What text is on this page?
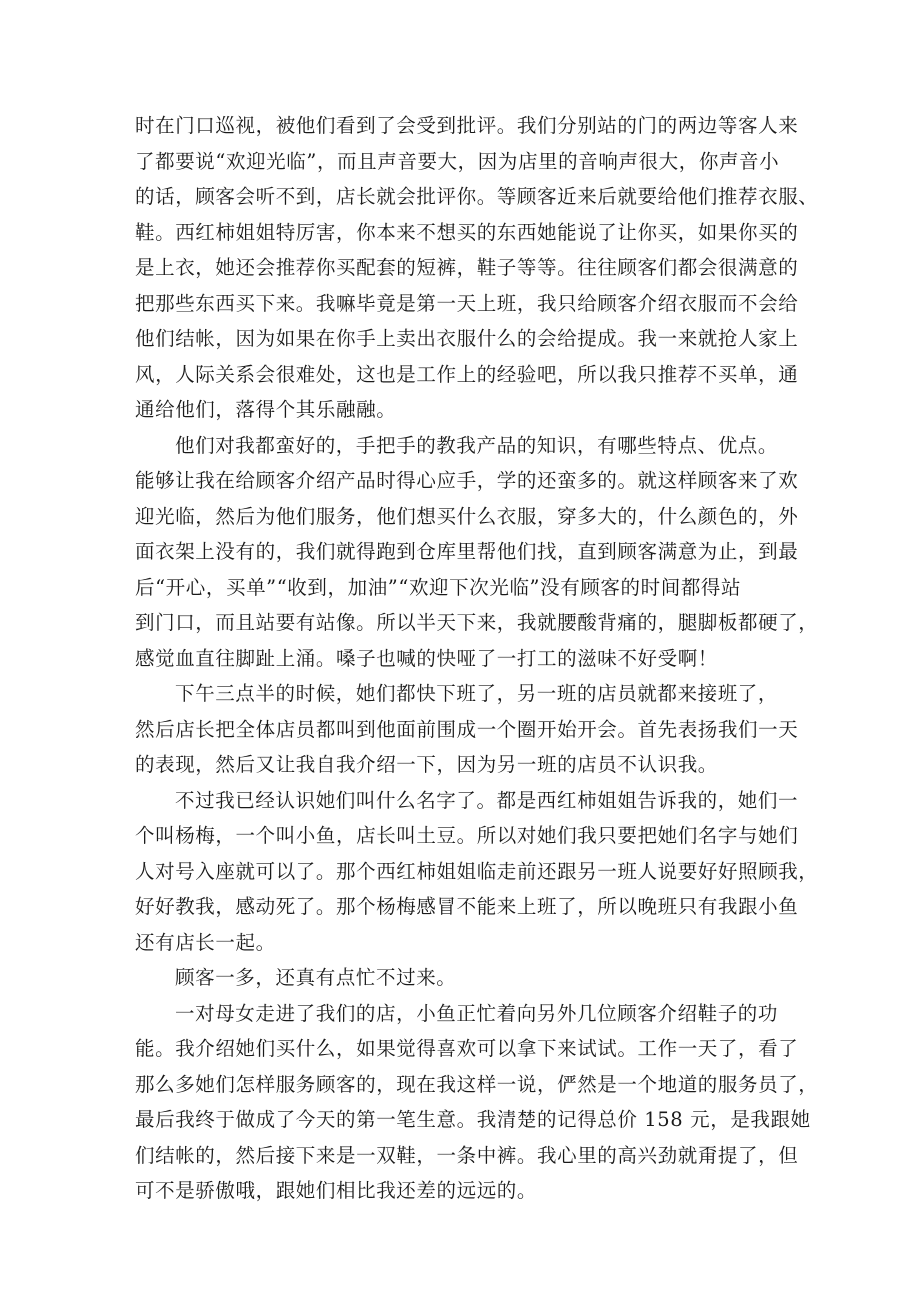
时在门口巡视，被他们看到了会受到批评。我们分别站的门的两边等客人来
了都要说“欢迎光临”，而且声音要大，因为店里的音响声很大，你声音小
的话，顾客会听不到，店长就会批评你。等顾客近来后就要给他们推荐衣服、
鞋。西红柿姐姐特厉害，你本来不想买的东西她能说了让你买，如果你买的
是上衣，她还会推荐你买配套的短裤，鞋子等等。往往顾客们都会很满意的
把那些东西买下来。我嘛毕竟是第一天上班，我只给顾客介绍衣服而不会给
他们结帐，因为如果在你手上卖出衣服什么的会给提成。我一来就抢人家上
风，人际关系会很难处，这也是工作上的经验吧，所以我只推荐不买单，通
通给他们，落得个其乐融融。
他们对我都蛮好的，手把手的教我产品的知识，有哪些特点、优点。
能够让我在给顾客介绍产品时得心应手，学的还蛮多的。就这样顾客来了欢
迎光临，然后为他们服务，他们想买什么衣服，穿多大的，什么颜色的，外
面衣架上没有的，我们就得跑到仓库里帮他们找，直到顾客满意为止，到最
后“开心，买单”“收到，加油”“欢迎下次光临”没有顾客的时间都得站
到门口，而且站要有站像。所以半天下来，我就腰酸背痛的，腿脚板都硬了，
感觉血直往脚趾上涌。嗓子也喊的快哑了一打工的滋味不好受啊！
下午三点半的时候，她们都快下班了，另一班的店员就都来接班了，
然后店长把全体店员都叫到他面前围成一个圈开始开会。首先表扬我们一天
的表现，然后又让我自我介绍一下，因为另一班的店员不认识我。
不过我已经认识她们叫什么名字了。都是西红柿姐姐告诉我的，她们一
个叫杨梅，一个叫小鱼，店长叫土豆。所以对她们我只要把她们名字与她们
人对号入座就可以了。那个西红柿姐姐临走前还跟另一班人说要好好照顾我，
好好教我，感动死了。那个杨梅感冒不能来上班了，所以晚班只有我跟小鱼
还有店长一起。
顾客一多，还真有点忙不过来。
一对母女走进了我们的店，小鱼正忙着向另外几位顾客介绍鞋子的功
能。我介绍她们买什么，如果觉得喜欢可以拿下来试试。工作一天了，看了
那么多她们怎样服务顾客的，现在我这样一说，俨然是一个地道的服务员了，
最后我终于做成了今天的第一笔生意。我清楚的记得总价 158 元，是我跟她
们结帐的，然后接下来是一双鞋，一条中裤。我心里的高兴劲就甭提了，但
可不是骄傲哦，跟她们相比我还差的远远的。
